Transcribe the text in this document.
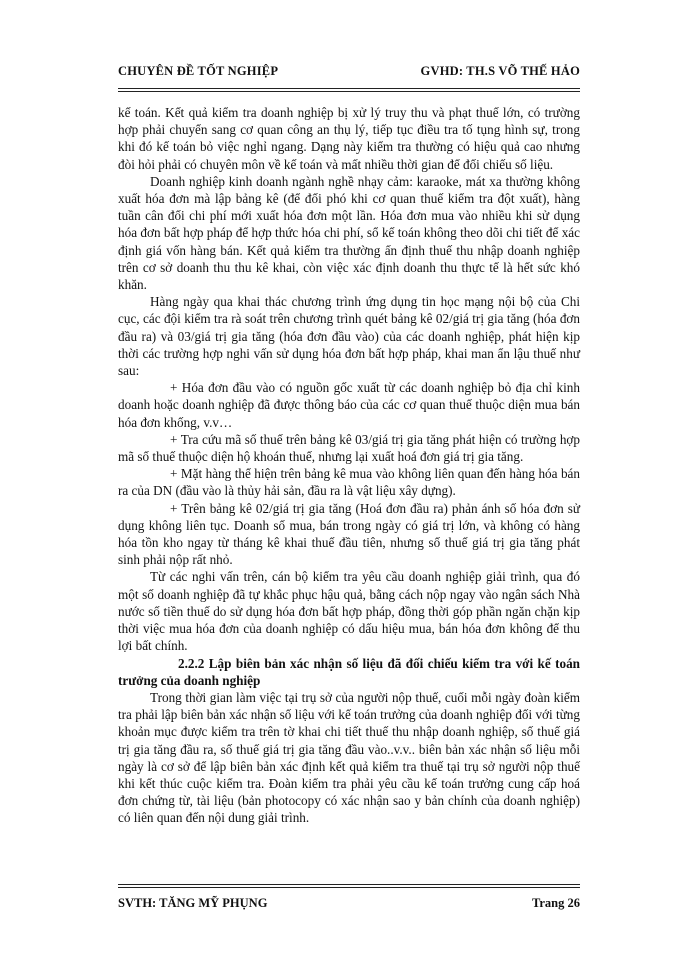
CHUYÊN ĐỀ TỐT NGHIỆP	GVHD: TH.S VÕ THẾ HẢO

kế toán. Kết quả kiểm tra doanh nghiệp bị xử lý truy thu và phạt thuế lớn, có trường hợp phải chuyển sang cơ quan công an thụ lý, tiếp tục điều tra tố tụng hình sự, trong khi đó kế toán bỏ việc nghỉ ngang. Dạng này kiểm tra thường có hiệu quả cao nhưng đòi hỏi phải có chuyên môn về kế toán và mất nhiều thời gian để đối chiếu số liệu.

Doanh nghiệp kinh doanh ngành nghề nhạy cảm: karaoke, mát xa thường không xuất hóa đơn mà lập bảng kê (để đối phó khi cơ quan thuế kiểm tra đột xuất), hàng tuần cân đối chi phí mới xuất hóa đơn một lần. Hóa đơn mua vào nhiều khi sử dụng hóa đơn bất hợp pháp để hợp thức hóa chi phí, sổ kế toán không theo dõi chi tiết để xác định giá vốn hàng bán. Kết quả kiểm tra thường ấn định thuế thu nhập doanh nghiệp trên cơ sở doanh thu thu kê khai, còn việc xác định doanh thu thực tế là hết sức khó khăn.

Hàng ngày qua khai thác chương trình ứng dụng tin học mạng nội bộ của Chi cục, các đội kiểm tra rà soát trên chương trình quét bảng kê 02/giá trị gia tăng (hóa đơn đầu ra) và 03/giá trị gia tăng (hóa đơn đầu vào) của các doanh nghiệp, phát hiện kịp thời các trường hợp nghi vấn sử dụng hóa đơn bất hợp pháp, khai man ẩn lậu thuế như sau:

+ Hóa đơn đầu vào có nguồn gốc xuất từ các doanh nghiệp bỏ địa chỉ kinh doanh hoặc doanh nghiệp đã được thông báo của các cơ quan thuế thuộc diện mua bán hóa đơn khống, v.v…

+ Tra cứu mã số thuế trên bảng kê 03/giá trị gia tăng phát hiện có trường hợp mã số thuế thuộc diện hộ khoán thuế, nhưng lại xuất hoá đơn giá trị gia tăng.

+ Mặt hàng thể hiện trên bảng kê mua vào không liên quan đến hàng hóa bán ra của DN (đầu vào là thủy hải sản, đầu ra là vật liệu xây dựng).

+ Trên bảng kê 02/giá trị gia tăng (Hoá đơn đầu ra) phản ánh số hóa đơn sử dụng không liên tục. Doanh số mua, bán trong ngày có giá trị lớn, và không có hàng hóa tồn kho ngay từ tháng kê khai thuế đầu tiên, nhưng số thuế giá trị gia tăng phát sinh phải nộp rất nhỏ.

Từ các nghi vấn trên, cán bộ kiểm tra yêu cầu doanh nghiệp giải trình, qua đó một số doanh nghiệp đã tự khắc phục hậu quả, bằng cách nộp ngay vào ngân sách Nhà nước số tiền thuế do sử dụng hóa đơn bất hợp pháp, đồng thời góp phần ngăn chặn kịp thời việc mua hóa đơn của doanh nghiệp có dấu hiệu mua, bán hóa đơn không để thu lợi bất chính.

2.2.2 Lập biên bản xác nhận số liệu đã đối chiếu kiểm tra với kế toán trưởng của doanh nghiệp

Trong thời gian làm việc tại trụ sở của người nộp thuế, cuối mỗi ngày đoàn kiểm tra phải lập biên bản xác nhận số liệu với kế toán trưởng của doanh nghiệp đối với từng khoản mục được kiểm tra trên tờ khai chi tiết thuế thu nhập doanh nghiệp, số thuế giá trị gia tăng đầu ra, số thuế giá trị gia tăng đầu vào..v.v.. biên bản xác nhận số liệu mỗi ngày là cơ sở để lập biên bản xác định kết quả kiểm tra thuế tại trụ sở người nộp thuế khi kết thúc cuộc kiểm tra. Đoàn kiểm tra phải yêu cầu kế toán trưởng cung cấp hoá đơn chứng từ, tài liệu (bản photocopy có xác nhận sao y bản chính của doanh nghiệp) có liên quan đến nội dung giải trình.

SVTH: TĂNG MỸ PHỤNG	Trang 26
